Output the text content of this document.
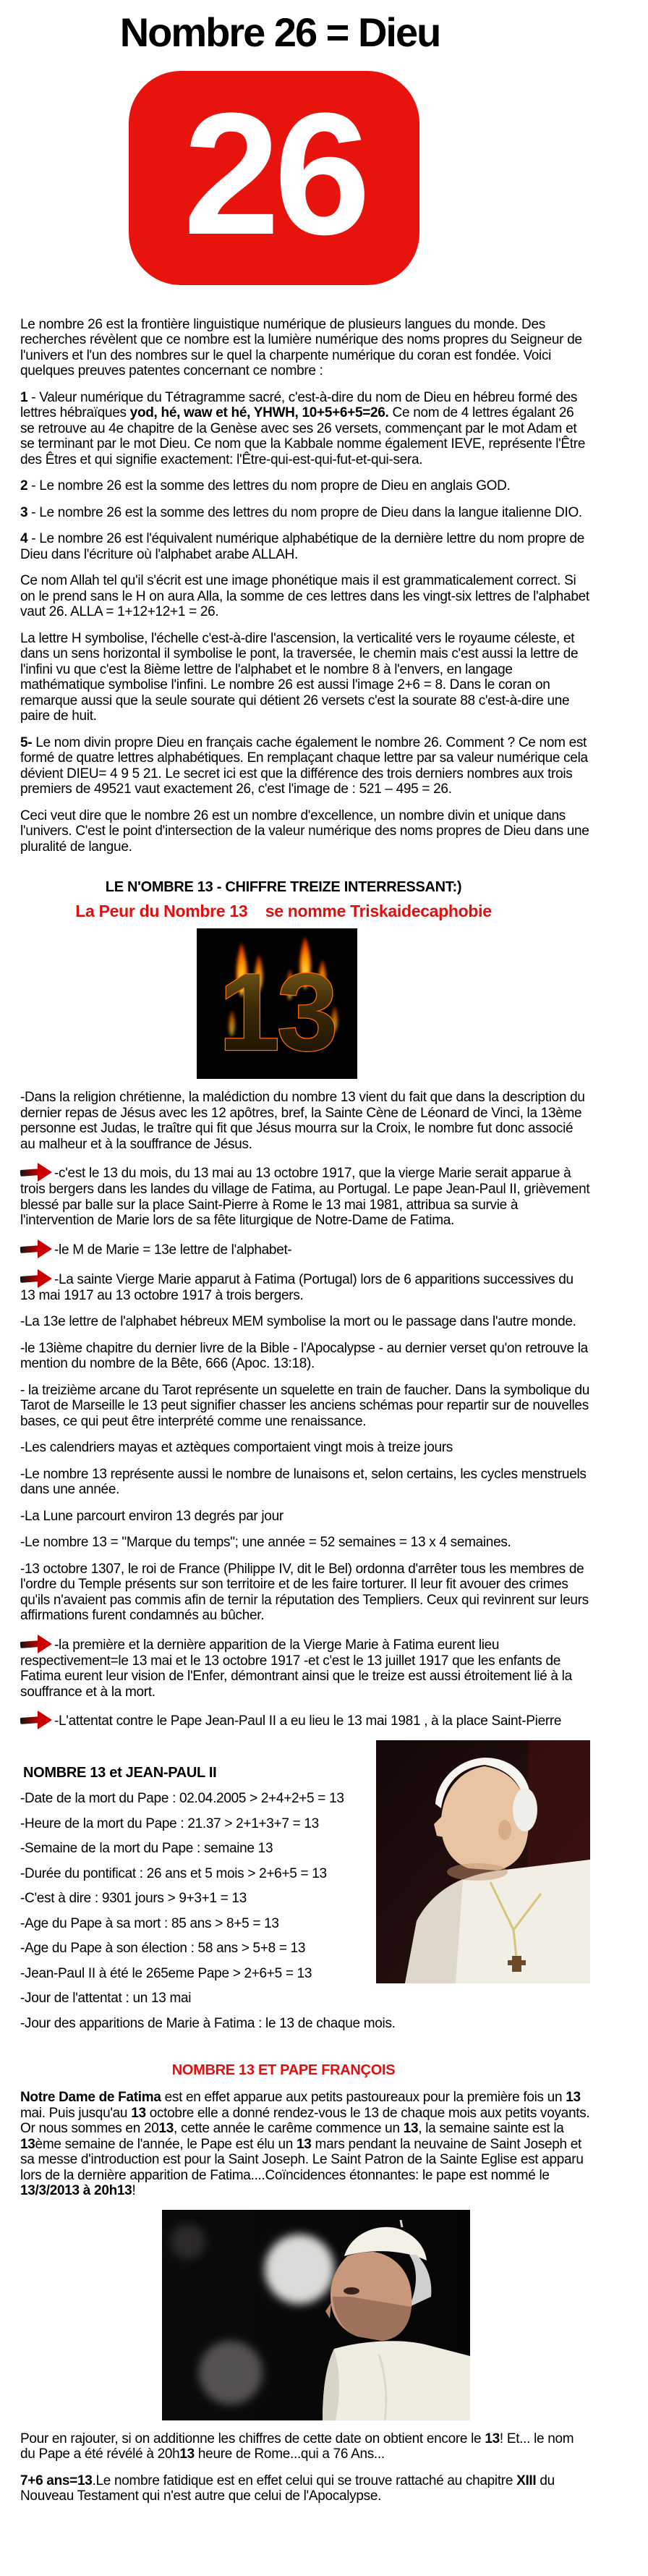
Nombre 26 = Dieu
26

Le nombre 26 est la frontière linguistique numérique de plusieurs langues du monde. Des recherches révèlent que ce nombre est la lumière numérique des noms propres du Seigneur de l'univers et l'un des nombres sur le quel la charpente numérique du coran est fondée. Voici quelques preuves patentes concernant ce nombre :

1 - Valeur numérique du Tétragramme sacré, c'est-à-dire du nom de Dieu en hébreu formé des lettres hébraïques yod, hé, waw et hé, YHWH, 10+5+6+5=26. Ce nom de 4 lettres égalant 26 se retrouve au 4e chapitre de la Genèse avec ses 26 versets, commençant par le mot Adam et se terminant par le mot Dieu. Ce nom que la Kabbale nomme également IEVE, représente l'Être des Êtres et qui signifie exactement: l'Être-qui-est-qui-fut-et-qui-sera.

2 - Le nombre 26 est la somme des lettres du nom propre de Dieu en anglais GOD.

3 - Le nombre 26 est la somme des lettres du nom propre de Dieu dans la langue italienne DIO.

4 - Le nombre 26 est l'équivalent numérique alphabétique de la dernière lettre du nom propre de Dieu dans l'écriture où l'alphabet arabe ALLAH.

Ce nom Allah tel qu'il s'écrit est une image phonétique mais il est grammaticalement correct. Si on le prend sans le H on aura Alla, la somme de ces lettres dans les vingt-six lettres de l'alphabet vaut 26. ALLA = 1+12+12+1 = 26.

La lettre H symbolise, l'échelle c'est-à-dire l'ascension, la verticalité vers le royaume céleste, et dans un sens horizontal il symbolise le pont, la traversée, le chemin mais c'est aussi la lettre de l'infini vu que c'est la 8ième lettre de l'alphabet et le nombre 8 à l'envers, en langage mathématique symbolise l'infini. Le nombre 26 est aussi l'image 2+6 = 8. Dans le coran on remarque aussi que la seule sourate qui détient 26 versets c'est la sourate 88 c'est-à-dire une paire de huit.

5- Le nom divin propre Dieu en français cache également le nombre 26. Comment ? Ce nom est formé de quatre lettres alphabétiques. En remplaçant chaque lettre par sa valeur numérique cela dévient DIEU= 4 9 5 21. Le secret ici est que la différence des trois derniers nombres aux trois premiers de 49521 vaut exactement 26, c'est l'image de : 521 – 495 = 26.

Ceci veut dire que le nombre 26 est un nombre d'excellence, un nombre divin et unique dans l'univers. C'est le point d'intersection de la valeur numérique des noms propres de Dieu dans une pluralité de langue.

LE N'OMBRE 13 - CHIFFRE TREIZE INTERRESSANT:)
La Peur du Nombre 13    se nomme Triskaidecaphobie
13

-Dans la religion chrétienne, la malédiction du nombre 13 vient du fait que dans la description du dernier repas de Jésus avec les 12 apôtres, bref, la Sainte Cène de Léonard de Vinci, la 13ème personne est Judas, le traître qui fit que Jésus mourra sur la Croix, le nombre fut donc associé au malheur et à la souffrance de Jésus.

-c'est le 13 du mois, du 13 mai au 13 octobre 1917, que la vierge Marie serait apparue à trois bergers dans les landes du village de Fatima, au Portugal. Le pape Jean-Paul II, grièvement blessé par balle sur la place Saint-Pierre à Rome le 13 mai 1981, attribua sa survie à l'intervention de Marie lors de sa fête liturgique de Notre-Dame de Fatima.

-le M de Marie = 13e lettre de l'alphabet-

-La sainte Vierge Marie apparut à Fatima (Portugal) lors de 6 apparitions successives du 13 mai 1917 au 13 octobre 1917 à trois bergers.

-La 13e lettre de l'alphabet hébreux MEM symbolise la mort ou le passage dans l'autre monde.

-le 13ième chapitre du dernier livre de la Bible - l'Apocalypse - au dernier verset qu'on retrouve la mention du nombre de la Bête, 666 (Apoc. 13:18).

- la treizième arcane du Tarot représente un squelette en train de faucher. Dans la symbolique du Tarot de Marseille le 13 peut signifier chasser les anciens schémas pour repartir sur de nouvelles bases, ce qui peut être interprété comme une renaissance.

-Les calendriers mayas et aztèques comportaient vingt mois à treize jours

-Le nombre 13 représente aussi le nombre de lunaisons et, selon certains, les cycles menstruels dans une année.

-La Lune parcourt environ 13 degrés par jour

-Le nombre 13 = "Marque du temps"; une année = 52 semaines = 13 x 4 semaines.

-13 octobre 1307, le roi de France (Philippe IV, dit le Bel) ordonna d'arrêter tous les membres de l'ordre du Temple présents sur son territoire et de les faire torturer. Il leur fit avouer des crimes qu'ils n'avaient pas commis afin de ternir la réputation des Templiers. Ceux qui revinrent sur leurs affirmations furent condamnés au bûcher.

-la première et la dernière apparition de la Vierge Marie à Fatima eurent lieu respectivement=le 13 mai et le 13 octobre 1917 -et c'est le 13 juillet 1917 que les enfants de Fatima eurent leur vision de l'Enfer, démontrant ainsi que le treize est aussi étroitement lié à la souffrance et à la mort.

-L'attentat contre le Pape Jean-Paul II a eu lieu le 13 mai 1981 , à la place Saint-Pierre

NOMBRE 13 et JEAN-PAUL II

-Date de la mort du Pape : 02.04.2005 > 2+4+2+5 = 13

-Heure de la mort du Pape : 21.37 > 2+1+3+7 = 13

-Semaine de la mort du Pape : semaine 13

-Durée du pontificat : 26 ans et 5 mois > 2+6+5 = 13

-C'est à dire : 9301 jours > 9+3+1 = 13

-Age du Pape à sa mort : 85 ans > 8+5 = 13

-Age du Pape à son élection : 58 ans > 5+8 = 13

-Jean-Paul II à été le 265eme Pape > 2+6+5 = 13

-Jour de l'attentat : un 13 mai

-Jour des apparitions de Marie à Fatima : le 13 de chaque mois.

NOMBRE 13 ET PAPE FRANÇOIS

Notre Dame de Fatima est en effet apparue aux petits pastoureaux pour la première fois un 13 mai. Puis jusqu'au 13 octobre elle a donné rendez-vous le 13 de chaque mois aux petits voyants. Or nous sommes en 2013, cette année le carême commence un 13, la semaine sainte est la 13ème semaine de l'année, le Pape est élu un 13 mars pendant la neuvaine de Saint Joseph et sa messe d'introduction est pour la Saint Joseph. Le Saint Patron de la Sainte Eglise est apparu lors de la dernière apparition de Fatima....Coïncidences étonnantes: le pape est nommé le 13/3/2013 à 20h13!

Pour en rajouter, si on additionne les chiffres de cette date on obtient encore le 13! Et... le nom du Pape a été révélé à 20h13 heure de Rome...qui a 76 Ans...

7+6 ans=13.Le nombre fatidique est en effet celui qui se trouve rattaché au chapitre XIII du Nouveau Testament qui n'est autre que celui de l'Apocalypse.
